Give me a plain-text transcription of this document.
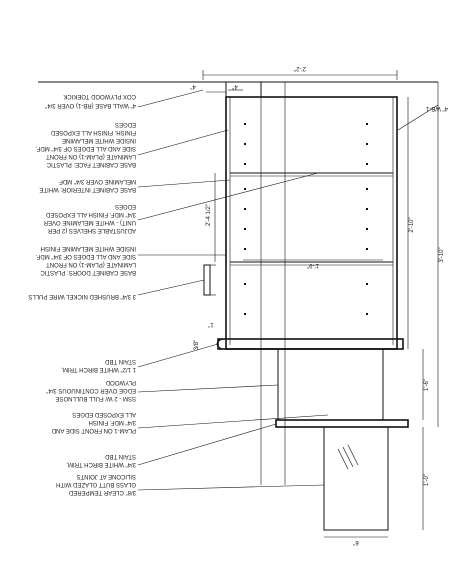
2'-2"
4"	4"
2'-4 1/2"	2'-10"
1'-9"
3'-10"
1"
3/8"
1'-6"
1'-0"
6"
4" WB-1
COX PLYWOOD TOEKICK
4" WALL BASE (RB-1) OVER 3/4"
EDGES
FINISH. FINISH ALL EXPOSED
INSIDE WHITE MELAMINE
SIDE AND ALL EDGES OF 3/4" MDF.
LAMINATE (PLAM-1) ON FRONT
BASE CABINET FACE: PLASTIC
MELAMINE OVER 3/4" MDF
BASE CABINET INTERIOR: WHITE
EDGES
3/4" MDF. FINISH ALL EXPOSED
UNIT) - WHITE MELAMINE OVER
ADJUSTABLE SHELVES (2 PER
INSIDE WHITE MELAMINE FINISH
SIDE AND ALL EDGES OF 3/4" MDF.
LAMINATE (PLAM-1) ON FRONT
BASE CABINET DOORS: PLASTIC
3 3/4" BRUSHED NICKEL WIRE PULLS
STAIN TBD
1 1/2" WHITE BIRCH TRIM,
PLYWOOD
EDGE OVER CONTINUOUS 3/4"
SSM - 2 W/ FULL BULLNOSE
ALL EXPOSED EDGES
3/4" MDF. FINISH
PLAM-1 ON FRONT SIDE AND
STAIN TBD
3/4" WHITE BIRCH TRIM,
SILICONE AT JOINTS
GLASS BUTT GLAZED WITH
3/8" CLEAR TEMPERED
